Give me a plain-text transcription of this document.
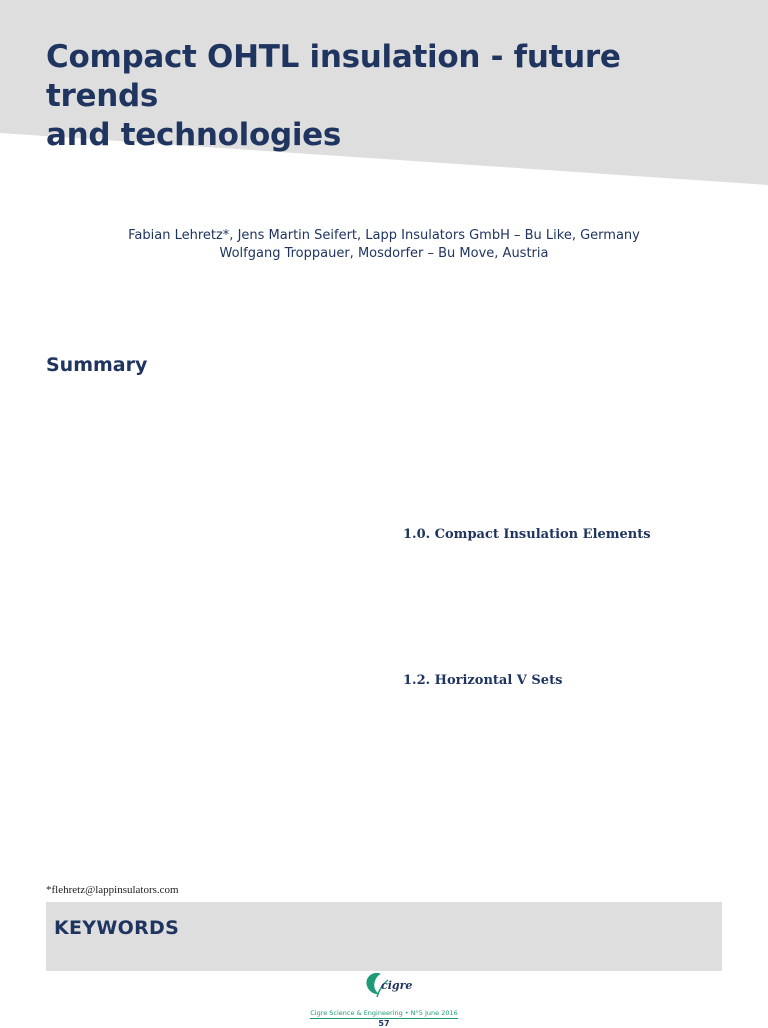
Compact OHTL insulation - future trends
and technologies
Fabian Lehretz*, Jens Martin Seifert, Lapp Insulators GmbH – Bu Like, Germany
Wolfgang Troppauer, Mosdorfer – Bu Move, Austria
Summary
1.0. Compact Insulation Elements
1.2. Horizontal V Sets
*flehretz@lappinsulators.com
KEYWORDS
cigre
Cigre Science & Engineering • N°5 June 2016
57
